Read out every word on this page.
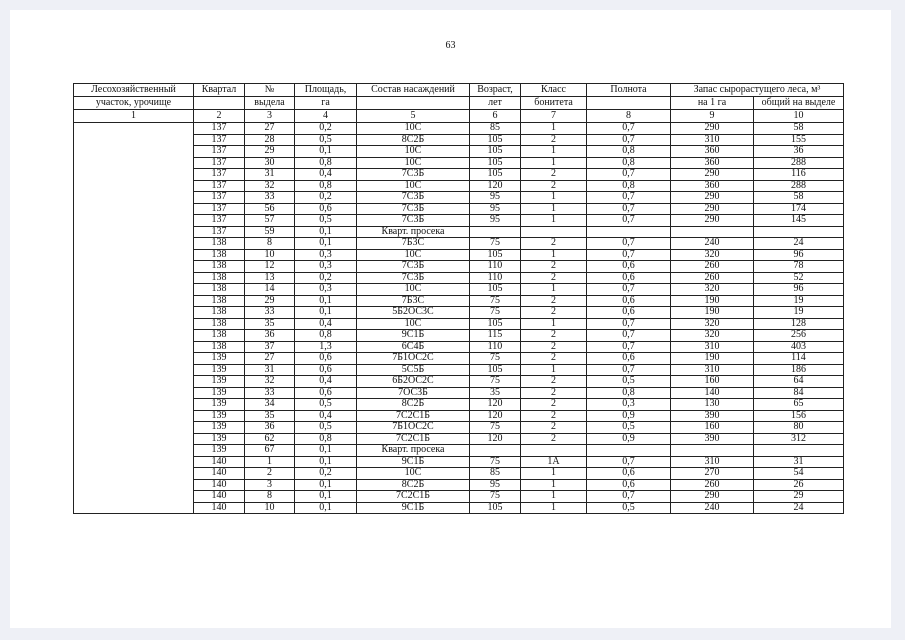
63
Лесохозяйственный	Квартал	№	Площадь,	Состав насаждений	Возраст,	Класс	Полнота	Запас сырорастущего леса, м³	
участок, урочище		выдела	га		лет	бонитета		на 1 га	общий на выделе
1	2	3	4	5	6	7	8	9	10
	137	27	0,2	10С	85	1	0,7	290	58
	137	28	0,5	8С2Б	105	2	0,7	310	155
	137	29	0,1	10С	105	1	0,8	360	36
	137	30	0,8	10С	105	1	0,8	360	288
	137	31	0,4	7С3Б	105	2	0,7	290	116
	137	32	0,8	10С	120	2	0,8	360	288
	137	33	0,2	7С3Б	95	1	0,7	290	58
	137	56	0,6	7С3Б	95	1	0,7	290	174
	137	57	0,5	7С3Б	95	1	0,7	290	145
	137	59	0,1	Кварт. просека					
	138	8	0,1	7Б3С	75	2	0,7	240	24
	138	10	0,3	10С	105	1	0,7	320	96
	138	12	0,3	7С3Б	110	2	0,6	260	78
	138	13	0,2	7С3Б	110	2	0,6	260	52
	138	14	0,3	10С	105	1	0,7	320	96
	138	29	0,1	7Б3С	75	2	0,6	190	19
	138	33	0,1	5Б2ОС3С	75	2	0,6	190	19
	138	35	0,4	10С	105	1	0,7	320	128
	138	36	0,8	9С1Б	115	2	0,7	320	256
	138	37	1,3	6С4Б	110	2	0,7	310	403
	139	27	0,6	7Б1ОС2С	75	2	0,6	190	114
	139	31	0,6	5С5Б	105	1	0,7	310	186
	139	32	0,4	6Б2ОС2С	75	2	0,5	160	64
	139	33	0,6	7ОС3Б	35	2	0,8	140	84
	139	34	0,5	8С2Б	120	2	0,3	130	65
	139	35	0,4	7С2С1Б	120	2	0,9	390	156
	139	36	0,5	7Б1ОС2С	75	2	0,5	160	80
	139	62	0,8	7С2С1Б	120	2	0,9	390	312
	139	67	0,1	Кварт. просека					
	140	1	0,1	9С1Б	75	1А	0,7	310	31
	140	2	0,2	10С	85	1	0,6	270	54
	140	3	0,1	8С2Б	95	1	0,6	260	26
	140	8	0,1	7С2С1Б	75	1	0,7	290	29
	140	10	0,1	9С1Б	105	1	0,5	240	24
